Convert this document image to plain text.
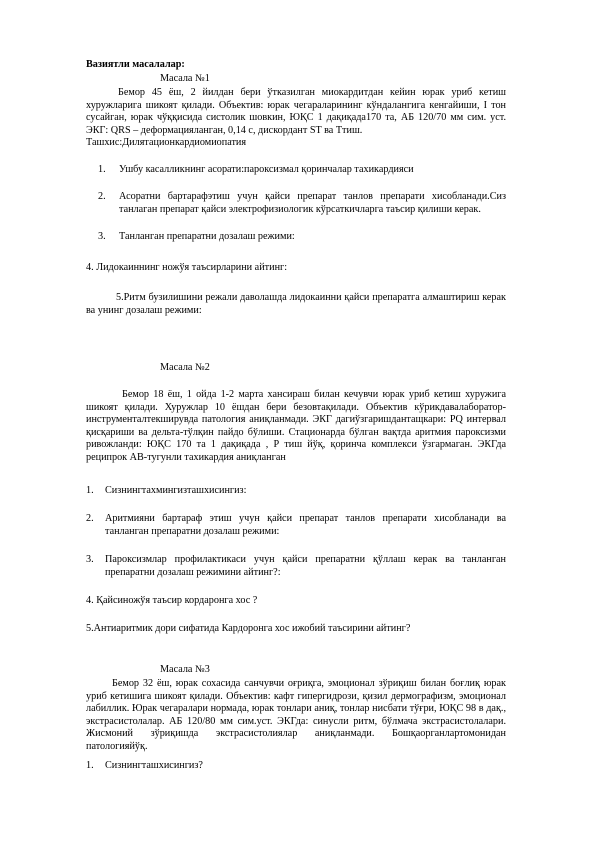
Вазиятли масалалар:

Масала №1

Бемор 45 ёш, 2 йилдан бери ўтказилган миокардитдан кейин юрак уриб кетиш хуружларига шикоят қилади. Объектив: юрак чегараларининг кўндалангига кенгайиши, I тон сусайган, юрак чўққисида систолик шовкин, ЮҚС 1 дақиқада170 та, АБ 120/70 мм сим. уст. ЭКГ: QRS – деформацияланган, 0,14 с, дискордант ST ва Ттиш.

Ташхис:Дилятацион​кардиомиопатия

1. Ушбу касалликнинг асорати:пароксизмал қоринчалар тахикардияси

2. Асоратни бартарафэтиш учун қайси препарат танлов препарати хисобланади.Сиз танлаган препарат қайси электрофизиологик кўрсаткичларга таъсир қилиши керак.

3. Танланган препаратни дозалаш режими:

4. Лидокаиннинг ножўя таъсирларини айтинг:

5.Ритм бузилишини режали даволашда лидокаинни қайси препаратга алмаштириш керак ва унинг дозалаш режими:

Масала №2

Бемор 18 ёш, 1 ойда 1-2 марта хансираш билан кечувчи юрак уриб кетиш хуружига шикоят қилади. Хуружлар 10 ёшдан бери безовтақилади. Объектив кўрикдавалаборатор-инструменталтекширувда патология аниқланмади. ЭКГ дагиўзгаришдантащкари: PQ интервал қисқариши ва дельта-тўлқин пайдо бўлиши. Стационарда бўлган вақтда аритмия пароксизми ривожланди: ЮҚС 170 та 1 дақиқада , Р тиш йўқ, қоринча комплекси ўзгармаган. ЭКГда реципрок АВ-тугунли тахикардия аниқланган

1. Сизнингтахмингизташхисингиз:

2. Аритмияни бартараф этиш учун қайси препарат танлов препарати хисобланади ва танланган препаратни дозалаш режими:

3. Пароксизмлар профилактикаси учун қайси препаратни қўллаш керак ва танланган препаратни дозалаш режимини айтинг?:

4. Қайсиножўя таъсир кордаронга хос ?

5.Антиаритмик дори сифатида Кардоронга хос ижобий таъсирини айтинг?

Масала №3

Бемор 32 ёш, юрак сохасида санчувчи оғриқга, эмоционал зўриқиш билан боғлиқ юрак уриб кетишига шикоят қилади. Объектив: кафт гипергидрози, қизил дермографизм, эмоционал лабиллик. Юрак чегаралари нормада, юрак тонлари аниқ, тонлар нисбати тўғри, ЮҚС 98 в дақ., экстрасистолалар. АБ 120/80 мм сим.уст. ЭКГда: синусли ритм, бўлмача экстрасистолалари. Жисмоний зўриқишда экстрасистолиялар аниқланмади. Бошқаорганлартомонидан​патологияйўқ.

1. Сизнингташхисингиз?
